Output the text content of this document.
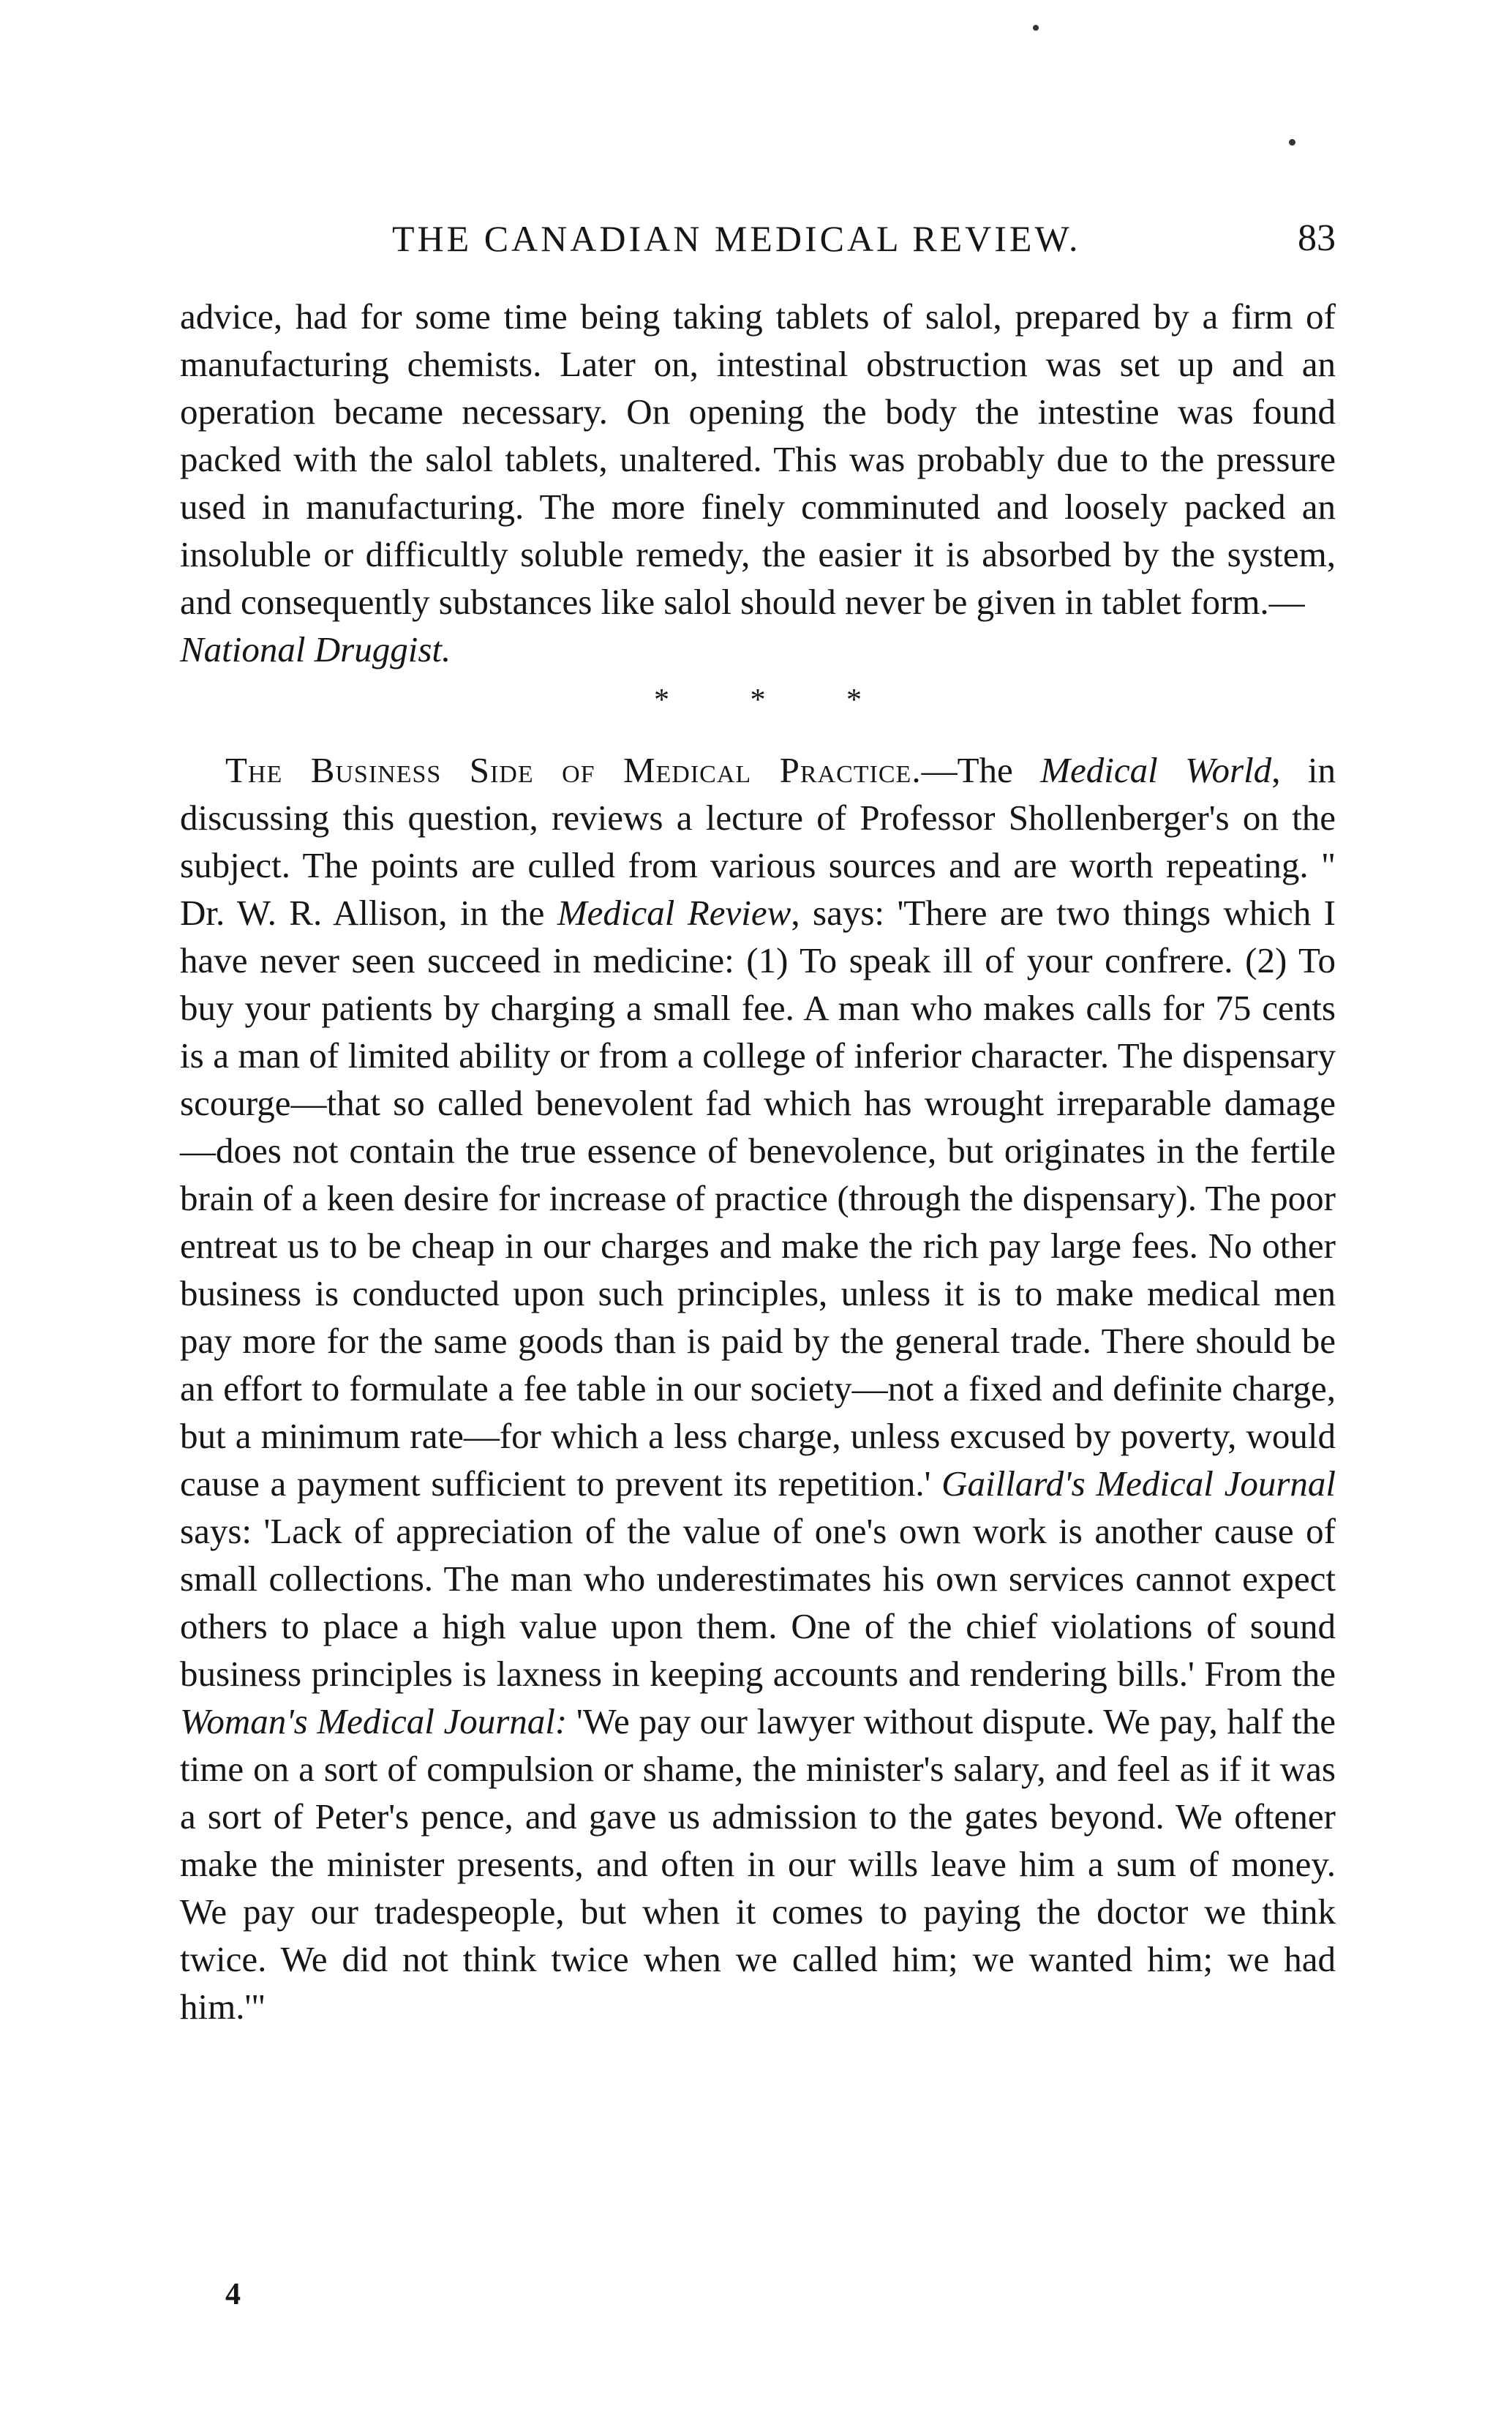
THE CANADIAN MEDICAL REVIEW.	83

advice, had for some time being taking tablets of salol, prepared by a firm of manufacturing chemists. Later on, intestinal obstruction was set up and an operation became necessary. On opening the body the intestine was found packed with the salol tablets, unaltered. This was probably due to the pressure used in manufacturing. The more finely comminuted and loosely packed an insoluble or difficultly soluble remedy, the easier it is absorbed by the system, and consequently substances like salol should never be given in tablet form.—
National Druggist.

* * *

The Business Side of Medical Practice.—The Medical World, in discussing this question, reviews a lecture of Professor Shollenberger's on the subject. The points are culled from various sources and are worth repeating. " Dr. W. R. Allison, in the Medical Review, says: 'There are two things which I have never seen succeed in medicine: (1) To speak ill of your confrere. (2) To buy your patients by charging a small fee. A man who makes calls for 75 cents is a man of limited ability or from a college of inferior character. The dispensary scourge—that so called benevolent fad which has wrought irreparable damage—does not contain the true essence of benevolence, but originates in the fertile brain of a keen desire for increase of practice (through the dispensary). The poor entreat us to be cheap in our charges and make the rich pay large fees. No other business is conducted upon such principles, unless it is to make medical men pay more for the same goods than is paid by the general trade. There should be an effort to formulate a fee table in our society—not a fixed and definite charge, but a minimum rate—for which a less charge, unless excused by poverty, would cause a payment sufficient to prevent its repetition.' Gaillard's Medical Journal says: 'Lack of appreciation of the value of one's own work is another cause of small collections. The man who underestimates his own services cannot expect others to place a high value upon them. One of the chief violations of sound business principles is laxness in keeping accounts and rendering bills.' From the Woman's Medical Journal: 'We pay our lawyer without dispute. We pay, half the time on a sort of compulsion or shame, the minister's salary, and feel as if it was a sort of Peter's pence, and gave us admission to the gates beyond. We oftener make the minister presents, and often in our wills leave him a sum of money. We pay our tradespeople, but when it comes to paying the doctor we think twice. We did not think twice when we called him; we wanted him; we had him.'"

4
